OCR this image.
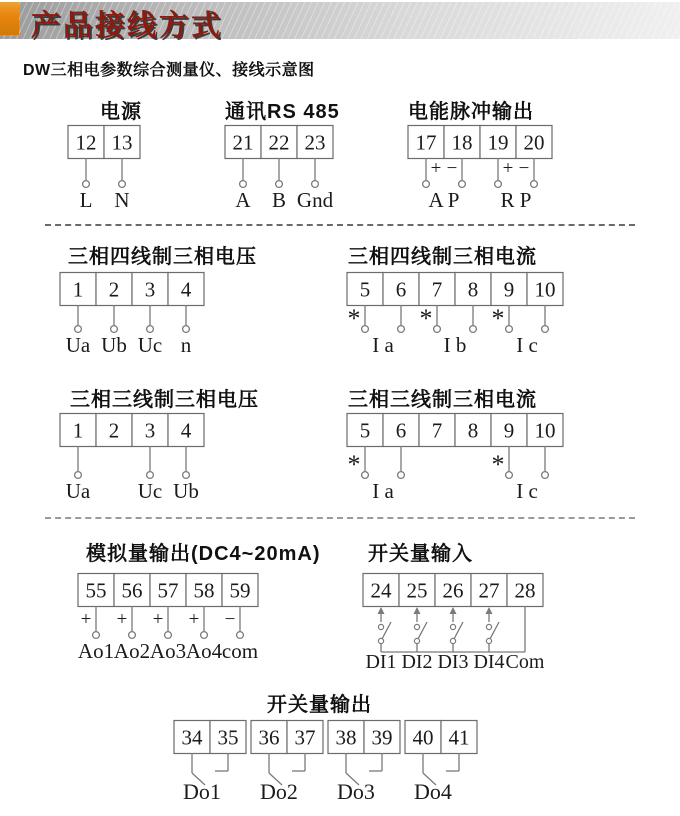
产品接线方式
DW三相电参数综合测量仪、接线示意图
电源
12 13
L N
通讯RS 485
21 22 23
A B Gnd
电能脉冲输出
17 18 19 20
+ − + −
A P R P
三相四线制三相电压
1 2 3 4
Ua Ub Uc n
三相四线制三相电流
5 6 7 8 9 10
* * *
I a I b I c
三相三线制三相电压
1 2 3 4
Ua Uc Ub
三相三线制三相电流
5 6 7 8 9 10
*	*
I a	I c
模拟量输出(DC4~20mA)
55 56 57 58 59
+ + + + −
Ao1 Ao2 Ao3 Ao4 com
开关量输入
24 25 26 27 28
DI1 DI2 DI3 DI4 Com
开关量输出
34 35 36 37 38 39 40 41
Do1 Do2 Do3 Do4
